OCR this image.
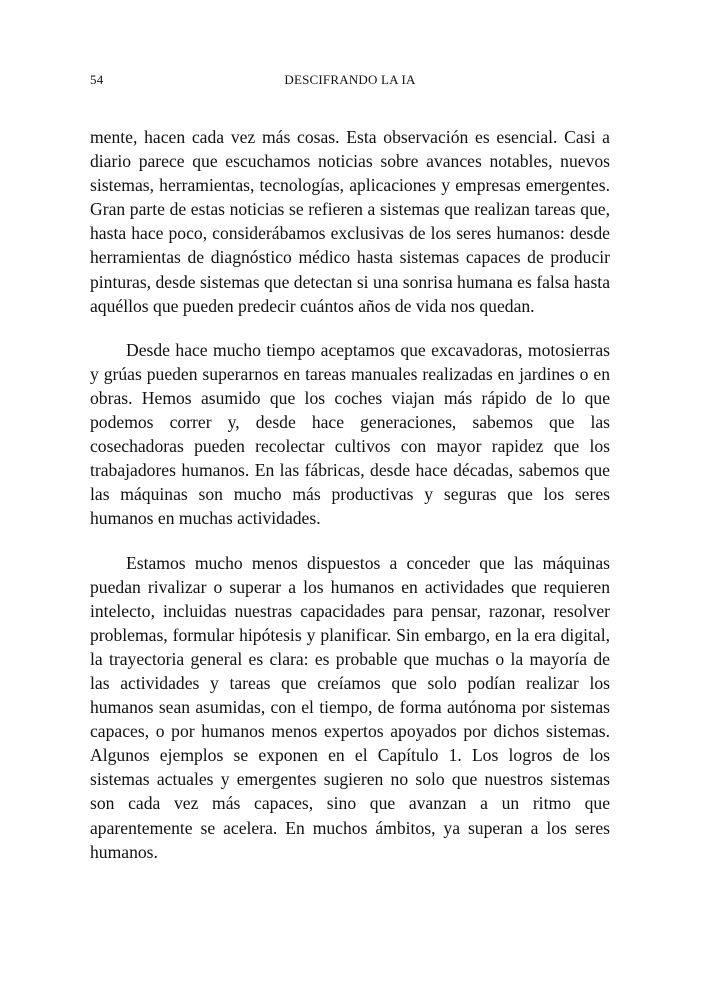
54	DESCIFRANDO LA IA

mente, hacen cada vez más cosas. Esta observación es esencial. Casi a diario parece que escuchamos noticias sobre avances notables, nuevos sistemas, herramientas, tecnologías, aplicaciones y empresas emergentes. Gran parte de estas noticias se refieren a sistemas que realizan tareas que, hasta hace poco, considerábamos exclusivas de los seres humanos: desde herramientas de diagnóstico médico hasta sistemas capaces de producir pinturas, desde sistemas que detectan si una sonrisa humana es falsa hasta aquéllos que pueden predecir cuántos años de vida nos quedan.

Desde hace mucho tiempo aceptamos que excavadoras, motosierras y grúas pueden superarnos en tareas manuales realizadas en jardines o en obras. Hemos asumido que los coches viajan más rápido de lo que podemos correr y, desde hace generaciones, sabemos que las cosechadoras pueden recolectar cultivos con mayor rapidez que los trabajadores humanos. En las fábricas, desde hace décadas, sabemos que las máquinas son mucho más productivas y seguras que los seres humanos en muchas actividades.

Estamos mucho menos dispuestos a conceder que las máquinas puedan rivalizar o superar a los humanos en actividades que requieren intelecto, incluidas nuestras capacidades para pensar, razonar, resolver problemas, formular hipótesis y planificar. Sin embargo, en la era digital, la trayectoria general es clara: es probable que muchas o la mayoría de las actividades y tareas que creíamos que solo podían realizar los humanos sean asumidas, con el tiempo, de forma autónoma por sistemas capaces, o por humanos menos expertos apoyados por dichos sistemas. Algunos ejemplos se exponen en el Capítulo 1. Los logros de los sistemas actuales y emergentes sugieren no solo que nuestros sistemas son cada vez más capaces, sino que avanzan a un ritmo que aparentemente se acelera. En muchos ámbitos, ya superan a los seres humanos.
